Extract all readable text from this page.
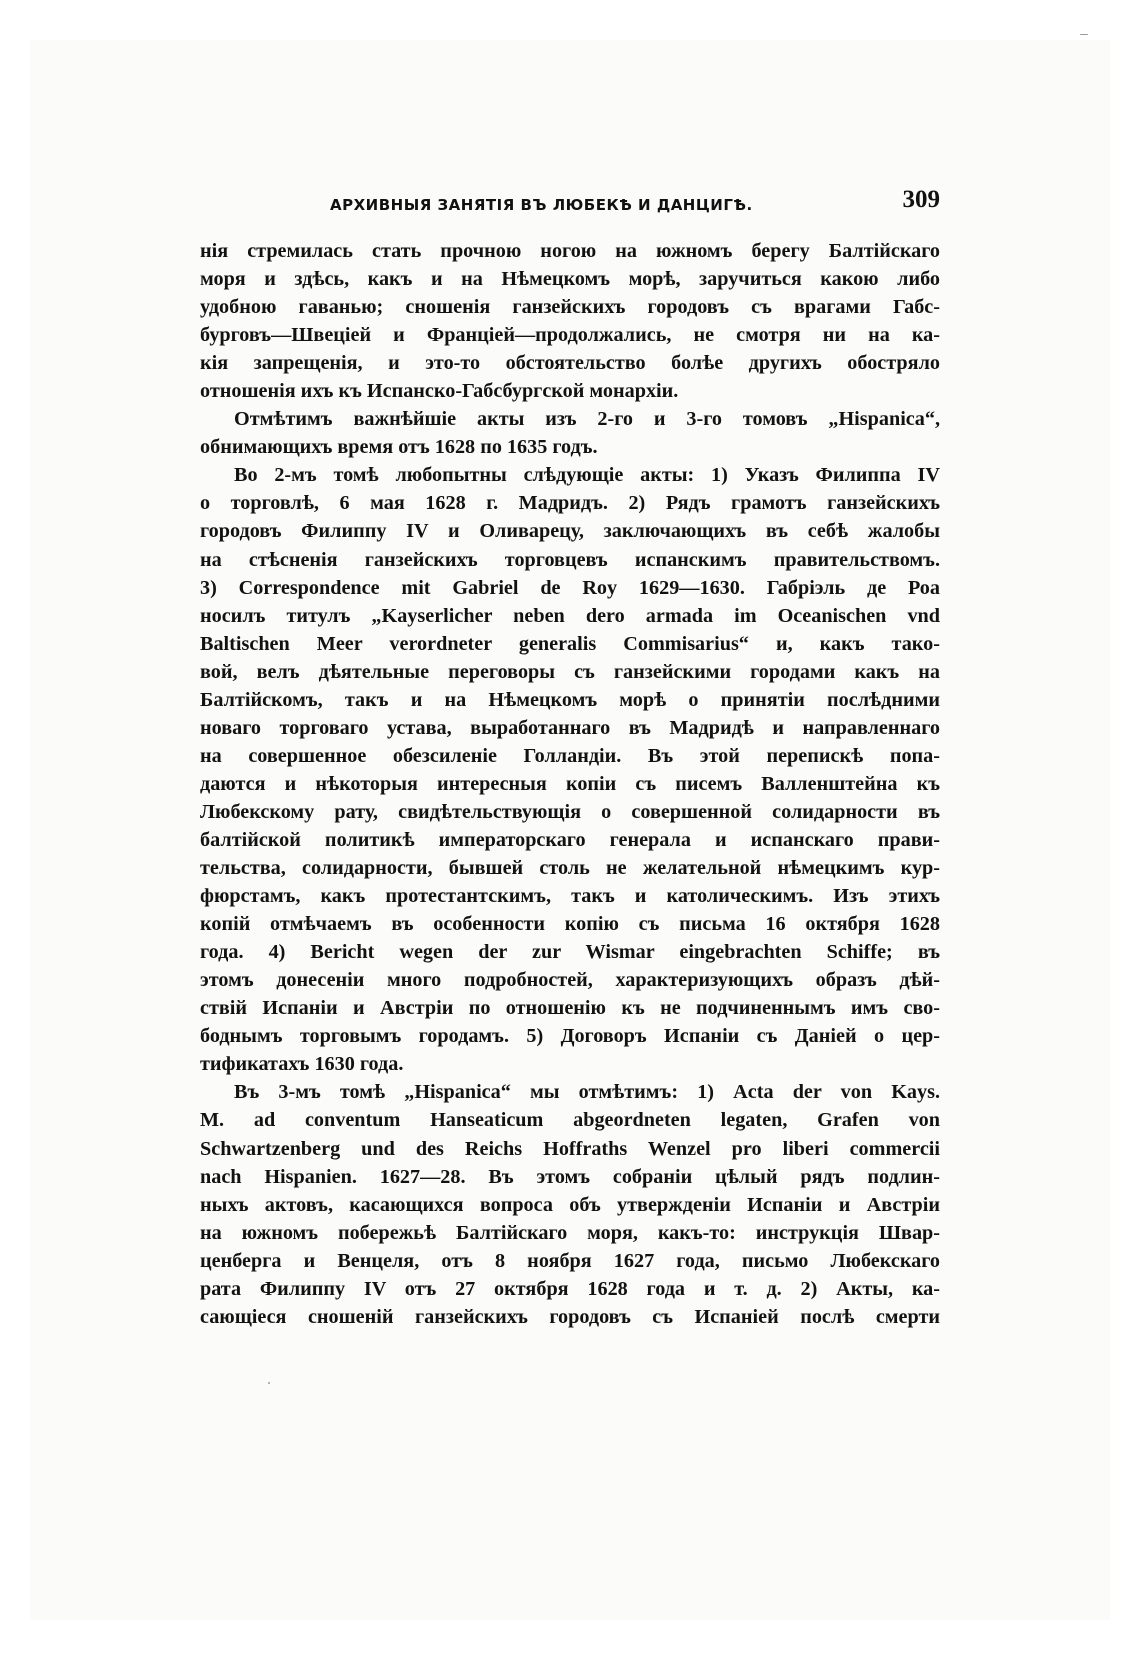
АРХИВНЫЯ ЗАНЯТІЯ ВЪ ЛЮБЕКѢ И ДАНЦИГѢ.	309

нія стремилась стать прочною ногою на южномъ берегу Балтійскаго

моря и здѣсь, какъ и на Нѣмецкомъ морѣ, заручиться какою либо

удобною гаванью; сношенія ганзейскихъ городовъ съ врагами Габс-

бурговъ—Швеціей и Франціей—продолжались, не смотря ни на ка-

кія запрещенія, и это-то обстоятельство болѣе другихъ обостряло

отношенія ихъ къ Испанско-Габсбургской монархіи.

Отмѣтимъ важнѣйшіе акты изъ 2-го и 3-го томовъ „Hispanica“,

обнимающихъ время отъ 1628 по 1635 годъ.

Во 2-мъ томѣ любопытны слѣдующіе акты: 1) Указъ Филиппа IV

о торговлѣ, 6 мая 1628 г. Мадридъ. 2) Рядъ грамотъ ганзейскихъ

городовъ Филиппу IV и Оливарецу, заключающихъ въ себѣ жалобы

на стѣсненія ганзейскихъ торговцевъ испанскимъ правительствомъ.

3) Correspondence mit Gabriel de Roy 1629—1630. Габріэль де Роа

носилъ титулъ „Kayserlicher neben dero armada im Oceanischen vnd

Baltischen Meer verordneter generalis Commisarius“ и, какъ тако-

вой, велъ дѣятельные переговоры съ ганзейскими городами какъ на

Балтійскомъ, такъ и на Нѣмецкомъ морѣ о принятіи послѣдними

новаго торговаго устава, выработаннаго въ Мадридѣ и направленнаго

на совершенное обезсиленіе Голландіи. Въ этой перепискѣ попа-

даются и нѣкоторыя интересныя копіи съ писемъ Валленштейна къ

Любекскому рату, свидѣтельствующія о совершенной солидарности въ

балтійской политикѣ императорскаго генерала и испанскаго прави-

тельства, солидарности, бывшей столь не желательной нѣмецкимъ кур-

фюрстамъ, какъ протестантскимъ, такъ и католическимъ. Изъ этихъ

копій отмѣчаемъ въ особенности копію съ письма 16 октября 1628

года. 4) Bericht wegen der zur Wismar eingebrachten Schiffe; въ

этомъ донесеніи много подробностей, характеризующихъ образъ дѣй-

ствій Испаніи и Австріи по отношенію къ не подчиненнымъ имъ сво-

боднымъ торговымъ городамъ. 5) Договоръ Испаніи съ Даніей о цер-

тификатахъ 1630 года.

Въ 3-мъ томѣ „Hispanica“ мы отмѣтимъ: 1) Acta der von Kays.

M. ad conventum Hanseaticum abgeordneten legaten, Grafen von

Schwartzenberg und des Reichs Hoffraths Wenzel pro liberi commercii

nach Hispanien. 1627—28. Въ этомъ собраніи цѣлый рядъ подлин-

ныхъ актовъ, касающихся вопроса объ утвержденіи Испаніи и Австріи

на южномъ побережьѣ Балтійскаго моря, какъ-то: инструкція Швар-

ценберга и Венцеля, отъ 8 ноября 1627 года, письмо Любекскаго

рата Филиппу IV отъ 27 октября 1628 года и т. д. 2) Акты, ка-

сающіеся сношеній ганзейскихъ городовъ съ Испаніей послѣ смерти
